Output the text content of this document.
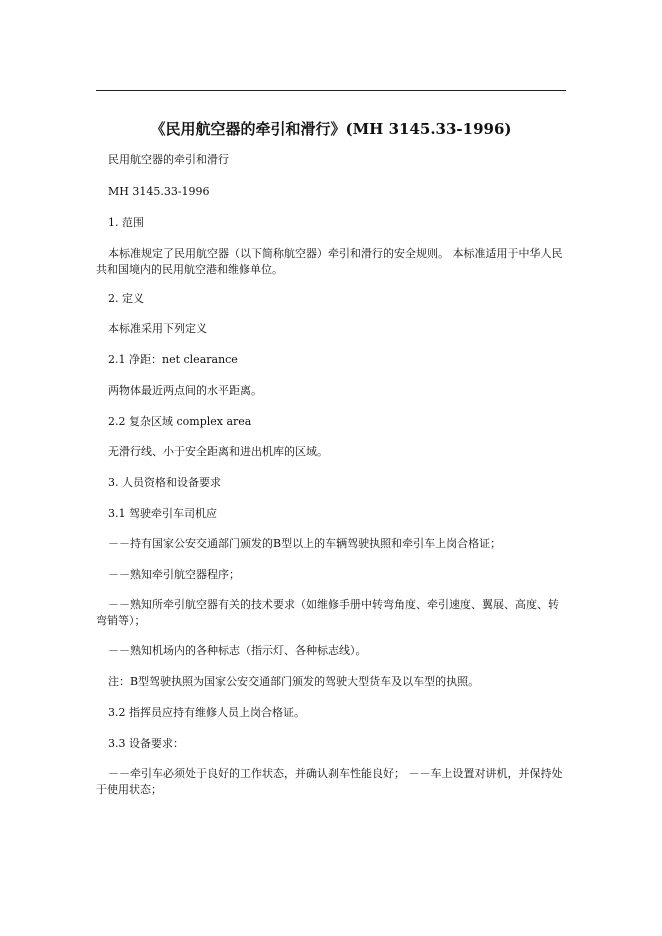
《民用航空器的牵引和滑行》(MH 3145.33-1996)
民用航空器的牵引和滑行
MH 3145.33-1996
1. 范围
本标准规定了民用航空器（以下简称航空器）牵引和滑行的安全规则。 本标准适用于中华人民共和国境内的民用航空港和维修单位。
2. 定义
本标准采用下列定义
2.1 净距：net clearance
两物体最近两点间的水平距离。
2.2 复杂区域 complex area
无滑行线、小于安全距离和进出机库的区域。
3. 人员资格和设备要求
3.1 驾驶牵引车司机应
－－持有国家公安交通部门颁发的B型以上的车辆驾驶执照和牵引车上岗合格证；
－－熟知牵引航空器程序；
－－熟知所牵引航空器有关的技术要求（如维修手册中转弯角度、牵引速度、翼展、高度、转弯销等）；
－－熟知机场内的各种标志（指示灯、各种标志线）。
注：B型驾驶执照为国家公安交通部门颁发的驾驶大型货车及以车型的执照。
3.2 指挥员应持有维修人员上岗合格证。
3.3 设备要求：
－－牵引车必须处于良好的工作状态，并确认刹车性能良好； －－车上设置对讲机，并保持处于使用状态；
